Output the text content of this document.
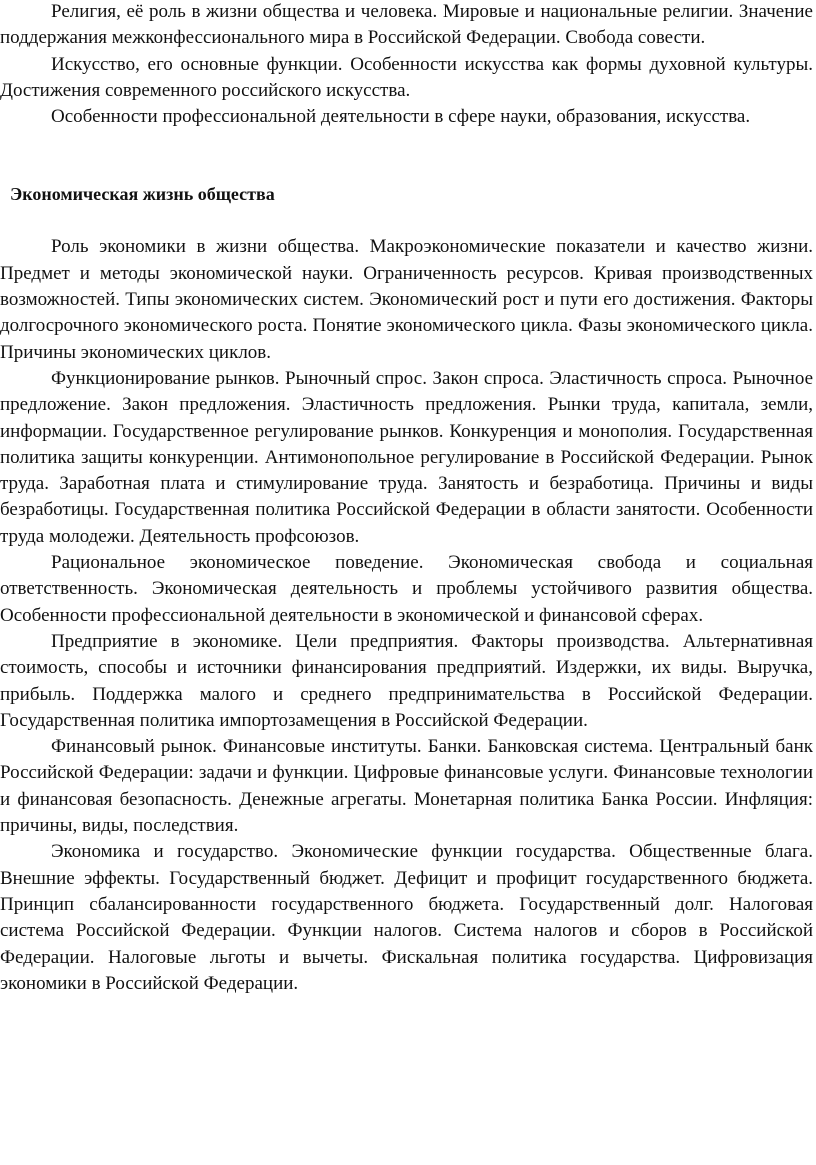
Религия, её роль в жизни общества и человека. Мировые и национальные религии. Значение поддержания межконфессионального мира в Российской Федерации. Свобода совести.

Искусство, его основные функции. Особенности искусства как формы духовной культуры. Достижения современного российского искусства.

Особенности профессиональной деятельности в сфере науки, образования, искусства.

Экономическая жизнь общества

Роль экономики в жизни общества. Макроэкономические показатели и качество жизни. Предмет и методы экономической науки. Ограниченность ресурсов. Кривая производственных возможностей. Типы экономических систем. Экономический рост и пути его достижения. Факторы долгосрочного экономического роста. Понятие экономического цикла. Фазы экономического цикла. Причины экономических циклов.

Функционирование рынков. Рыночный спрос. Закон спроса. Эластичность спроса. Рыночное предложение. Закон предложения. Эластичность предложения. Рынки труда, капитала, земли, информации. Государственное регулирование рынков. Конкуренция и монополия. Государственная политика защиты конкуренции. Антимонопольное регулирование в Российской Федерации. Рынок труда. Заработная плата и стимулирование труда. Занятость и безработица. Причины и виды безработицы. Государственная политика Российской Федерации в области занятости. Особенности труда молодежи. Деятельность профсоюзов.

Рациональное экономическое поведение. Экономическая свобода и социальная ответственность. Экономическая деятельность и проблемы устойчивого развития общества. Особенности профессиональной деятельности в экономической и финансовой сферах.

Предприятие в экономике. Цели предприятия. Факторы производства. Альтернативная стоимость, способы и источники финансирования предприятий. Издержки, их виды. Выручка, прибыль. Поддержка малого и среднего предпринимательства в Российской Федерации. Государственная политика импортозамещения в Российской Федерации.

Финансовый рынок. Финансовые институты. Банки. Банковская система. Центральный банк Российской Федерации: задачи и функции. Цифровые финансовые услуги. Финансовые технологии и финансовая безопасность. Денежные агрегаты. Монетарная политика Банка России. Инфляция: причины, виды, последствия.

Экономика и государство. Экономические функции государства. Общественные блага. Внешние эффекты. Государственный бюджет. Дефицит и профицит государственного бюджета. Принцип сбалансированности государственного бюджета. Государственный долг. Налоговая система Российской Федерации. Функции налогов. Система налогов и сборов в Российской Федерации. Налоговые льготы и вычеты. Фискальная политика государства. Цифровизация экономики в Российской Федерации.
